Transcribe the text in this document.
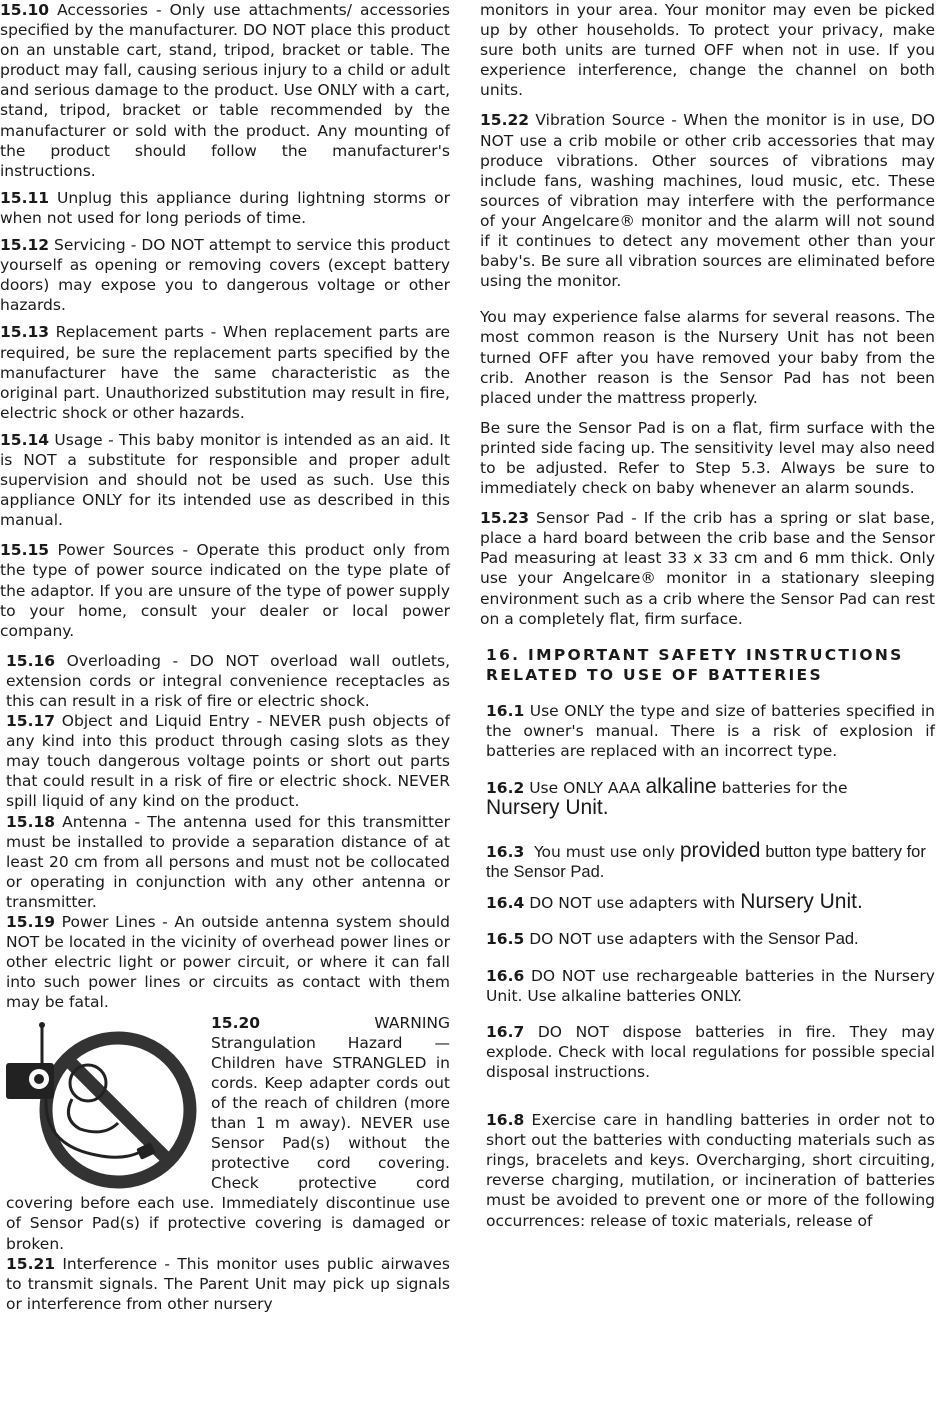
15.10 Accessories - Only use attachments/ accessories specified by the manufacturer. DO NOT place this product on an unstable cart, stand, tripod, bracket or table. The product may fall, causing serious injury to a child or adult and serious damage to the product. Use ONLY with a cart, stand, tripod, bracket or table recommended by the manufacturer or sold with the product. Any mounting of the product should follow the manufacturer's instructions.

15.11 Unplug this appliance during lightning storms or when not used for long periods of time.

15.12 Servicing - DO NOT attempt to service this product yourself as opening or removing covers (except battery doors) may expose you to dangerous voltage or other hazards.

15.13 Replacement parts - When replacement parts are required, be sure the replacement parts specified by the manufacturer have the same characteristic as the original part. Unauthorized substitution may result in fire, electric shock or other hazards.

15.14 Usage - This baby monitor is intended as an aid. It is NOT a substitute for responsible and proper adult supervision and should not be used as such. Use this appliance ONLY for its intended use as described in this manual.

15.15 Power Sources - Operate this product only from the type of power source indicated on the type plate of the adaptor. If you are unsure of the type of power supply to your home, consult your dealer or local power company.

15.16 Overloading - DO NOT overload wall outlets, extension cords or integral convenience receptacles as this can result in a risk of fire or electric shock.

15.17 Object and Liquid Entry - NEVER push objects of any kind into this product through casing slots as they may touch dangerous voltage points or short out parts that could result in a risk of fire or electric shock. NEVER spill liquid of any kind on the product.

15.18 Antenna - The antenna used for this transmitter must be installed to provide a separation distance of at least 20 cm from all persons and must not be collocated or operating in conjunction with any other antenna or transmitter.

15.19 Power Lines - An outside antenna system should NOT be located in the vicinity of overhead power lines or other electric light or power circuit, or where it can fall into such power lines or circuits as contact with them may be fatal.

15.20	WARNING Strangulation Hazard — Children have STRANGLED in cords. Keep adapter cords out of the reach of children (more than 1 m away). NEVER use Sensor Pad(s) without the protective cord covering. Check protective cord covering before each use. Immediately discontinue use of Sensor Pad(s) if protective covering is damaged or broken.

15.21 Interference - This monitor uses public airwaves to transmit signals. The Parent Unit may pick up signals or interference from other nursery

monitors in your area. Your monitor may even be picked up by other households. To protect your privacy, make sure both units are turned OFF when not in use. If you experience interference, change the channel on both units.

15.22 Vibration Source - When the monitor is in use, DO NOT use a crib mobile or other crib accessories that may produce vibrations. Other sources of vibrations may include fans, washing machines, loud music, etc. These sources of vibration may interfere with the performance of your Angelcare® monitor and the alarm will not sound if it continues to detect any movement other than your baby's. Be sure all vibration sources are eliminated before using the monitor.

You may experience false alarms for several reasons. The most common reason is the Nursery Unit has not been turned OFF after you have removed your baby from the crib. Another reason is the Sensor Pad has not been placed under the mattress properly.

Be sure the Sensor Pad is on a flat, firm surface with the printed side facing up. The sensitivity level may also need to be adjusted. Refer to Step 5.3. Always be sure to immediately check on baby whenever an alarm sounds.

15.23 Sensor Pad - If the crib has a spring or slat base, place a hard board between the crib base and the Sensor Pad measuring at least 33 x 33 cm and 6 mm thick. Only use your Angelcare® monitor in a stationary sleeping environment such as a crib where the Sensor Pad can rest on a completely flat, firm surface.

16. IMPORTANT SAFETY INSTRUCTIONS RELATED TO USE OF BATTERIES

16.1 Use ONLY the type and size of batteries specified in the owner's manual. There is a risk of explosion if batteries are replaced with an incorrect type.

16.2 Use ONLY AAA alkaline batteries for the
Nursery Unit.

16.3 You must use only provided button type battery for the Sensor Pad.

16.4 DO NOT use adapters with Nursery Unit.

16.5 DO NOT use adapters with the Sensor Pad.

16.6 DO NOT use rechargeable batteries in the Nursery Unit. Use alkaline batteries ONLY.

16.7 DO NOT dispose batteries in fire. They may explode. Check with local regulations for possible special disposal instructions.

16.8 Exercise care in handling batteries in order not to short out the batteries with conducting materials such as rings, bracelets and keys. Overcharging, short circuiting, reverse charging, mutilation, or incineration of batteries must be avoided to prevent one or more of the following occurrences: release of toxic materials, release of
